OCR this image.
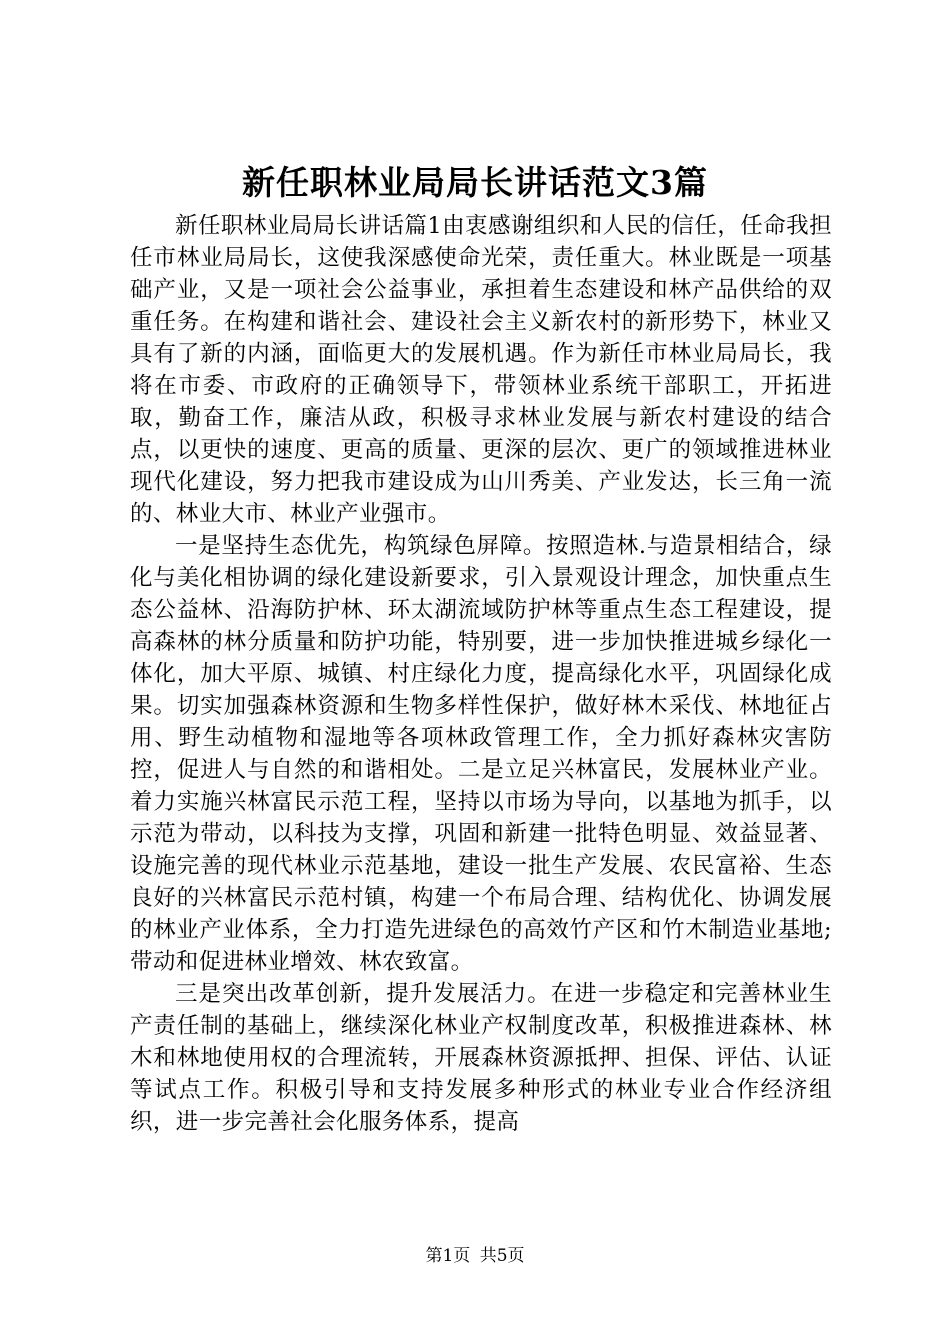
新任职林业局局长讲话范文3篇

新任职林业局局长讲话篇1由衷感谢组织和人民的信任，任命我担任市林业局局长，这使我深感使命光荣，责任重大。林业既是一项基础产业，又是一项社会公益事业，承担着生态建设和林产品供给的双重任务。在构建和谐社会、建设社会主义新农村的新形势下，林业又具有了新的内涵，面临更大的发展机遇。作为新任市林业局局长，我将在市委、市政府的正确领导下，带领林业系统干部职工，开拓进取，勤奋工作，廉洁从政，积极寻求林业发展与新农村建设的结合点，以更快的速度、更高的质量、更深的层次、更广的领域推进林业现代化建设，努力把我市建设成为山川秀美、产业发达，长三角一流的、林业大市、林业产业强市。

一是坚持生态优先，构筑绿色屏障。按照造林.与造景相结合，绿化与美化相协调的绿化建设新要求，引入景观设计理念，加快重点生态公益林、沿海防护林、环太湖流域防护林等重点生态工程建设，提高森林的林分质量和防护功能，特别要，进一步加快推进城乡绿化一体化，加大平原、城镇、村庄绿化力度，提高绿化水平，巩固绿化成果。切实加强森林资源和生物多样性保护，做好林木采伐、林地征占用、野生动植物和湿地等各项林政管理工作，全力抓好森林灾害防控，促进人与自然的和谐相处。二是立足兴林富民，发展林业产业。着力实施兴林富民示范工程，坚持以市场为导向，以基地为抓手，以示范为带动，以科技为支撑，巩固和新建一批特色明显、效益显著、设施完善的现代林业示范基地，建设一批生产发展、农民富裕、生态良好的兴林富民示范村镇，构建一个布局合理、结构优化、协调发展的林业产业体系，全力打造先进绿色的高效竹产区和竹木制造业基地;带动和促进林业增效、林农致富。

三是突出改革创新，提升发展活力。在进一步稳定和完善林业生产责任制的基础上，继续深化林业产权制度改革，积极推进森林、林木和林地使用权的合理流转，开展森林资源抵押、担保、评估、认证等试点工作。积极引导和支持发展多种形式的林业专业合作经济组织，进一步完善社会化服务体系，提高

第1页 共5页
